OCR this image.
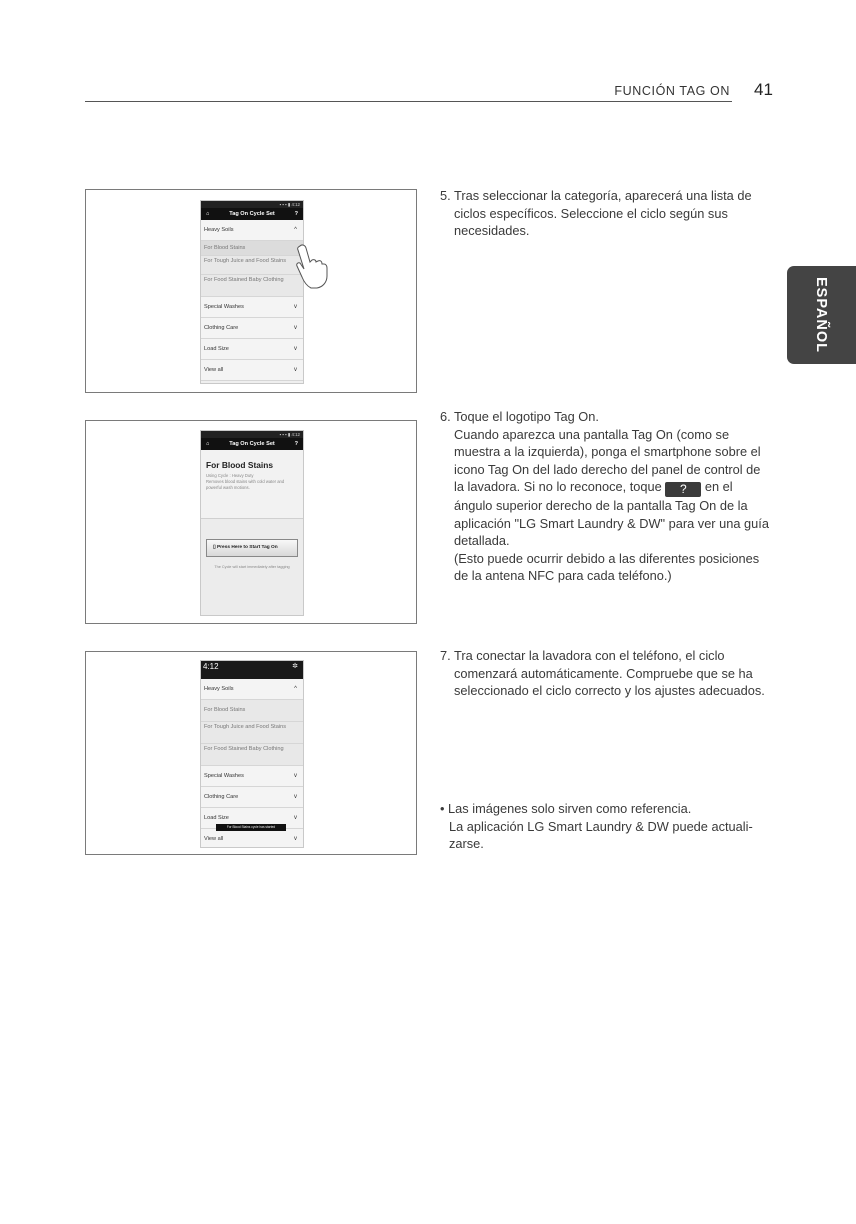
FUNCIÓN TAG ON 41
ESPAÑOL
▪ ▪ ▪ ▮ 4:12
⌂	Tag On Cycle Set	?
Heavy Soils	^
For Blood Stains
For Tough Juice and Food Stains
For Food Stained Baby Clothing
Special Washes	v
Clothing Care	v
Load Size	v
View all	v

5. Tras seleccionar la categoría, aparecerá una lista de

ciclos específicos. Seleccione el ciclo según sus

necesidades.

▪ ▪ ▪ ▮ 4:12
⌂	Tag On Cycle Set	?
For Blood Stains
Using Cycle : Heavy Duty
Removes blood stains with cold water and powerful wash motions.
▯ Press Here to Start Tag On
The Cycle will start immediately after tagging

6. Toque el logotipo Tag On.

Cuando aparezca una pantalla Tag On (como se

muestra a la izquierda), ponga el smartphone sobre el

icono Tag On del lado derecho del panel de control de

la lavadora. Si no lo reconoce, toque ? en el

ángulo superior derecho de la pantalla Tag On de la

aplicación "LG Smart Laundry & DW" para ver una guía

detallada.

(Esto puede ocurrir debido a las diferentes posiciones

de la antena NFC para cada teléfono.)

4:12	✲
Heavy Soils	^
For Blood Stains
For Tough Juice and Food Stains
For Food Stained Baby Clothing
Special Washes	v
Clothing Care	v
Load Size	v
View all	v
For Blood Stains cycle has started

7. Tra conectar la lavadora con el teléfono, el ciclo

comenzará automáticamente. Compruebe que se ha

seleccionado el ciclo correcto y los ajustes adecuados.

• Las imágenes solo sirven como referencia.

La aplicación LG Smart Laundry & DW puede actuali-

zarse.
